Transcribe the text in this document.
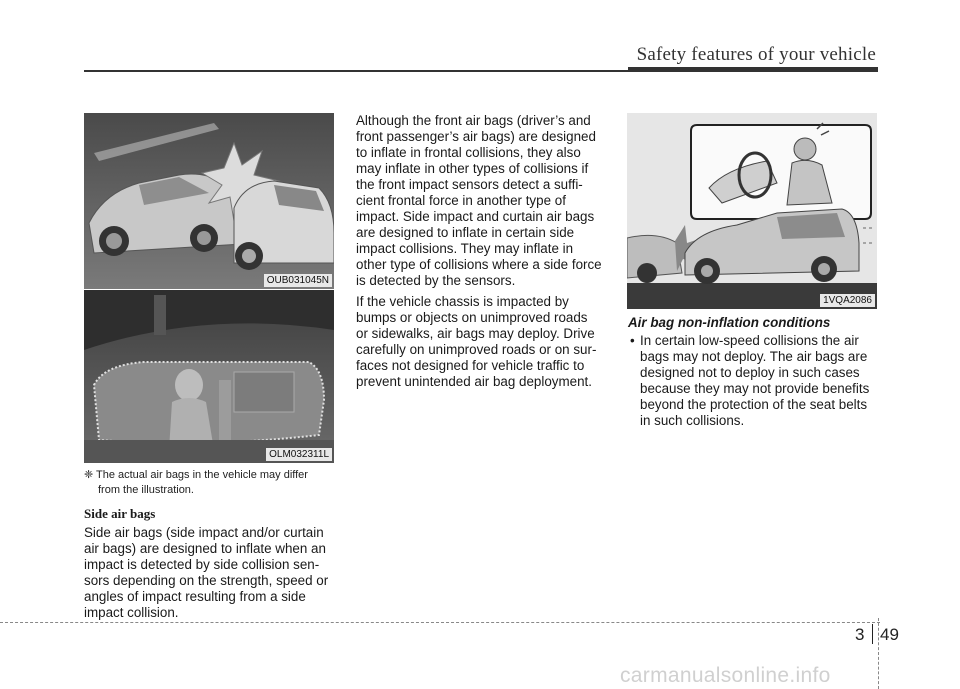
Safety features of your vehicle
OUB031045N
OLM032311L
❈ The actual air bags in the vehicle may differ
from the illustration.
Side air bags
Side air bags (side impact and/or curtain
air bags) are designed to inflate when an
impact is detected by side collision sen-
sors depending on the strength, speed or
angles of impact resulting from a side
impact collision.
Although the front air bags (driver’s and
front passenger’s air bags) are designed
to inflate in frontal collisions, they also
may inflate in other types of collisions if
the front impact sensors detect a suffi-
cient frontal force in another type of
impact. Side impact and curtain air bags
are designed to inflate in certain side
impact collisions. They may inflate in
other type of collisions where a side force
is detected by the sensors.
If the vehicle chassis is impacted by
bumps or objects on unimproved roads
or sidewalks, air bags may deploy. Drive
carefully on unimproved roads or on sur-
faces not designed for vehicle traffic to
prevent unintended air bag deployment.
1VQA2086
Air bag non-inflation conditions
• In certain low-speed collisions the air
bags may not deploy. The air bags are
designed not to deploy in such cases
because they may not provide benefits
beyond the protection of the seat belts
in such collisions.
3 49
carmanualsonline.info
